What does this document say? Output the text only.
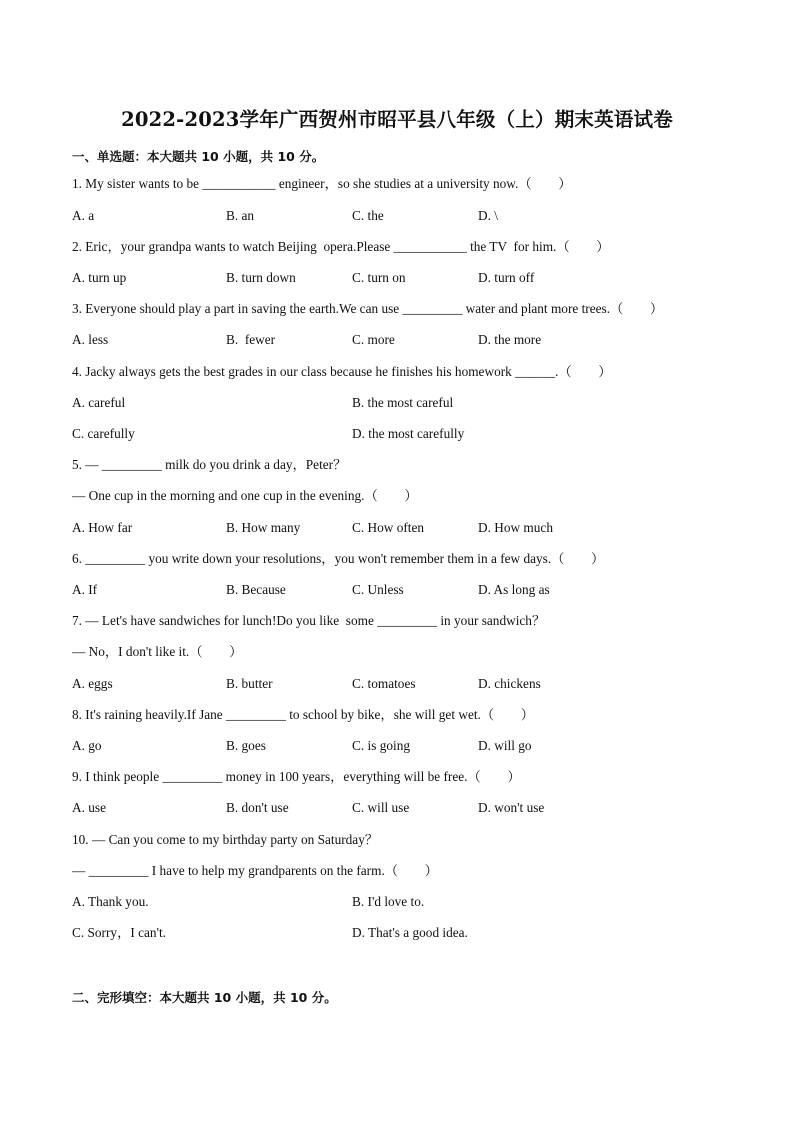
2022-2023学年广西贺州市昭平县八年级（上）期末英语试卷
一、单选题：本大题共 10 小题，共 10 分。
1. My sister wants to be ___________ engineer，so she studies at a university now.（        ）
A. a	B. an	C. the	D. \
2. Eric，your grandpa wants to watch Beijing  opera.Please ___________ the TV  for him.（        ）
A. turn up	B. turn down	C. turn on	D. turn off
3. Everyone should play a part in saving the earth.We can use _________ water and plant more trees.（        ）
A. less	B.  fewer	C. more	D. the more
4. Jacky always gets the best grades in our class because he finishes his homework ______.（        ）
A. careful	B. the most careful
C. carefully	D. the most carefully
5. — _________ milk do you drink a day，Peter？
— One cup in the morning and one cup in the evening.（        ）
A. How far	B. How many	C. How often	D. How much
6. _________ you write down your resolutions，you won't remember them in a few days.（        ）
A. If	B. Because	C. Unless	D. As long as
7. — Let's have sandwiches for lunch!Do you like  some _________ in your sandwich？
— No，I don't like it.（        ）
A. eggs	B. butter	C. tomatoes	D. chickens
8. It's raining heavily.If Jane _________ to school by bike，she will get wet.（        ）
A. go	B. goes	C. is going	D. will go
9. I think people _________ money in 100 years，everything will be free.（        ）
A. use	B. don't use	C. will use	D. won't use
10. — Can you come to my birthday party on Saturday？
— _________ I have to help my grandparents on the farm.（        ）
A. Thank you.	B. I'd love to.
C. Sorry，I can't.	D. That's a good idea.
二、完形填空：本大题共 10 小题，共 10 分。
